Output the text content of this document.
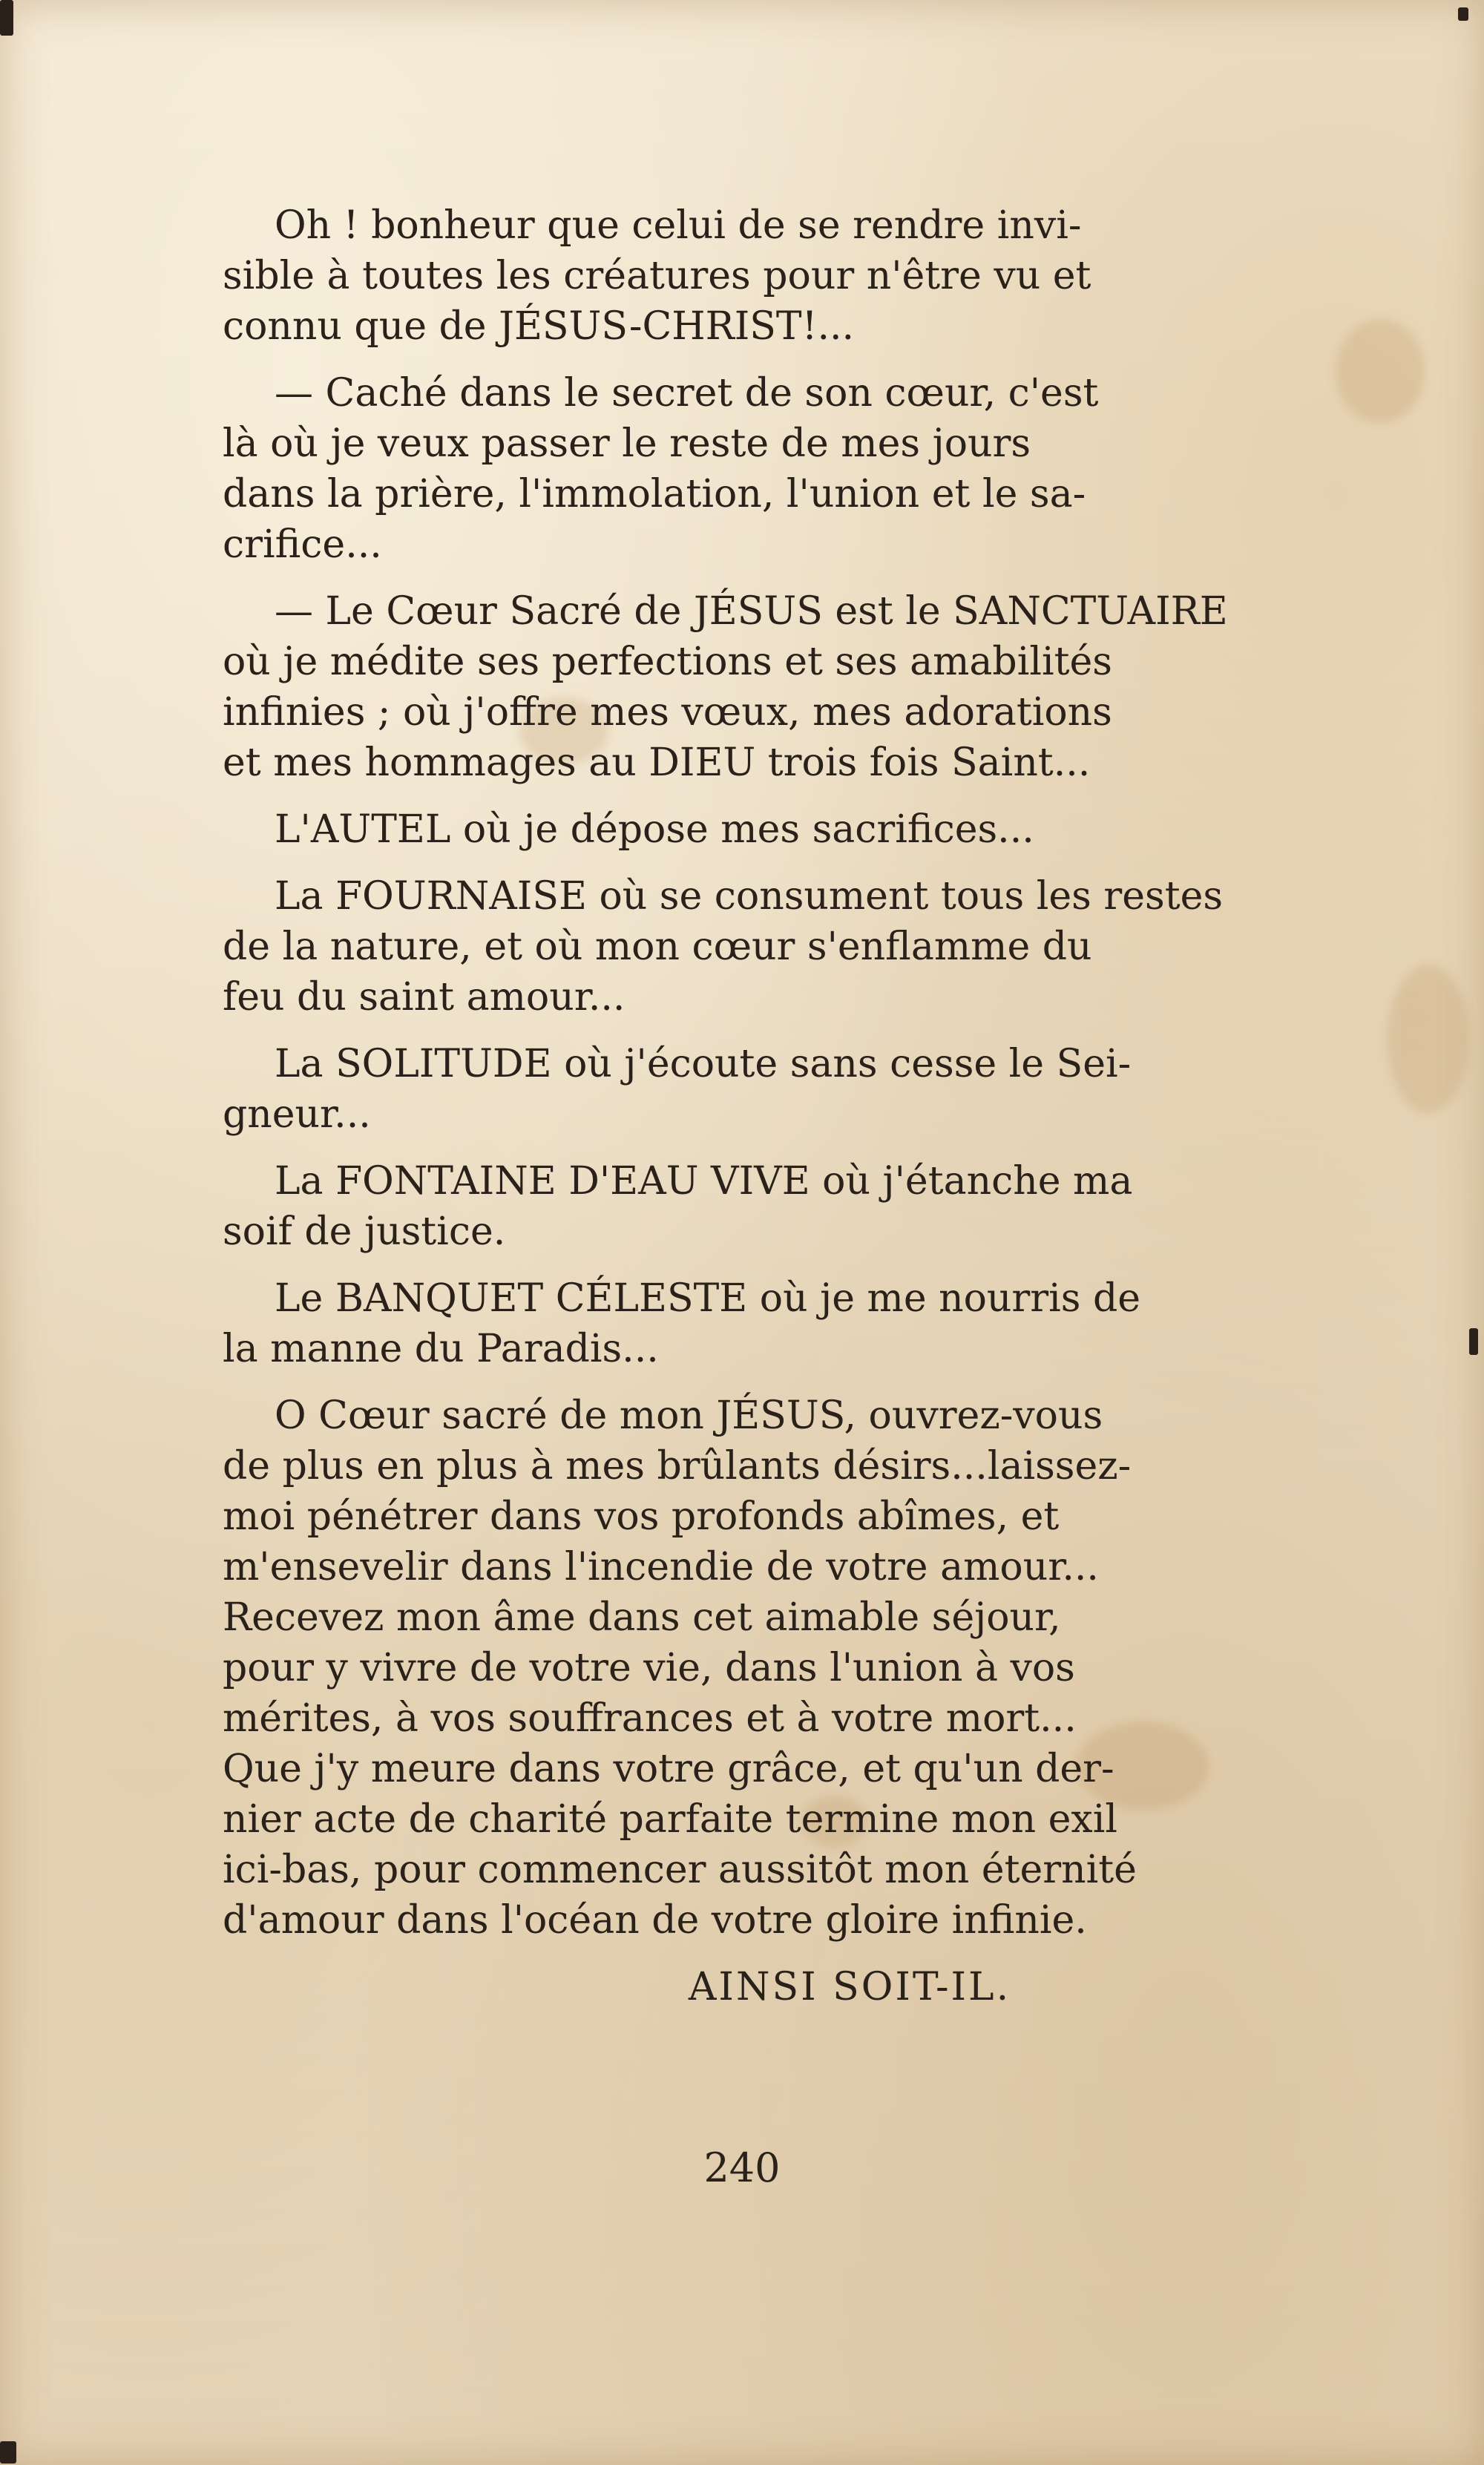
Oh ! bonheur que celui de se rendre invi-
sible à toutes les créatures pour n'être vu et
connu que de JÉSUS-CHRIST!...

— Caché dans le secret de son cœur, c'est
là où je veux passer le reste de mes jours
dans la prière, l'immolation, l'union et le sa-
crifice...

— Le Cœur Sacré de JÉSUS est le SANCTUAIRE
où je médite ses perfections et ses amabilités
infinies ; où j'offre mes vœux, mes adorations
et mes hommages au DIEU trois fois Saint...

L'AUTEL où je dépose mes sacrifices...

La FOURNAISE où se consument tous les restes
de la nature, et où mon cœur s'enflamme du
feu du saint amour...

La SOLITUDE où j'écoute sans cesse le Sei-
gneur...

La FONTAINE D'EAU VIVE où j'étanche ma
soif de justice.

Le BANQUET CÉLESTE où je me nourris de
la manne du Paradis...

O Cœur sacré de mon JÉSUS, ouvrez-vous
de plus en plus à mes brûlants désirs...laissez-
moi pénétrer dans vos profonds abîmes, et
m'ensevelir dans l'incendie de votre amour...
Recevez mon âme dans cet aimable séjour,
pour y vivre de votre vie, dans l'union à vos
mérites, à vos souffrances et à votre mort...
Que j'y meure dans votre grâce, et qu'un der-
nier acte de charité parfaite termine mon exil
ici-bas, pour commencer aussitôt mon éternité
d'amour dans l'océan de votre gloire infinie.

AINSI SOIT-IL.

240
